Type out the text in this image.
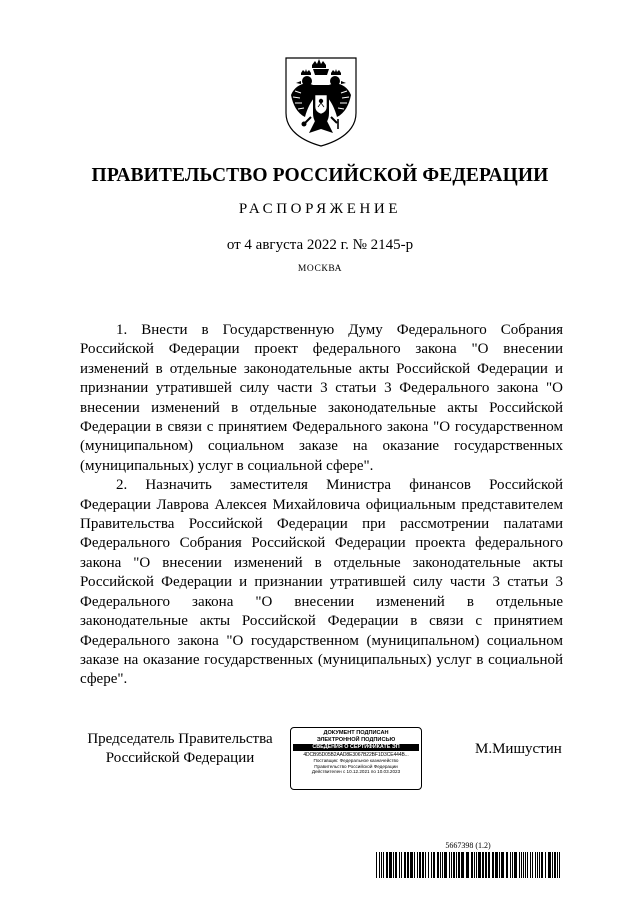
ПРАВИТЕЛЬСТВО РОССИЙСКОЙ ФЕДЕРАЦИИ
РАСПОРЯЖЕНИЕ
от 4 августа 2022 г. № 2145-р
МОСКВА

1. Внести в Государственную Думу Федерального Собрания Российской Федерации проект федерального закона "О внесении изменений в отдельные законодательные акты Российской Федерации и признании утратившей силу части 3 статьи 3 Федерального закона "О внесении изменений в отдельные законодательные акты Российской Федерации в связи с принятием Федерального закона "О государственном (муниципальном) социальном заказе на оказание государственных (муниципальных) услуг в социальной сфере".

2. Назначить заместителя Министра финансов Российской Федерации Лаврова Алексея Михайловича официальным представителем Правительства Российской Федерации при рассмотрении палатами Федерального Собрания Российской Федерации проекта федерального закона "О внесении изменений в отдельные законодательные акты Российской Федерации и признании утратившей силу части 3 статьи 3 Федерального закона "О внесении изменений в отдельные законодательные акты Российской Федерации в связи с принятием Федерального закона "О государственном (муниципальном) социальном заказе на оказание государственных (муниципальных) услуг в социальной сфере".

Председатель Правительства
Российской Федерации
ДОКУМЕНТ ПОДПИСАН
ЭЛЕКТРОННОЙ ПОДПИСЬЮ
СВЕДЕНИЯ О СЕРТИФИКАТЕ ЭП
4DCB95D05B2AAD8E3067B22BF1D3CE444B...
Поставщик: Федеральное казначейство
Правительство Российской Федерации
Действителен с 10.12.2021 по 10.03.2023
М.Мишустин
5667398 (1.2)
